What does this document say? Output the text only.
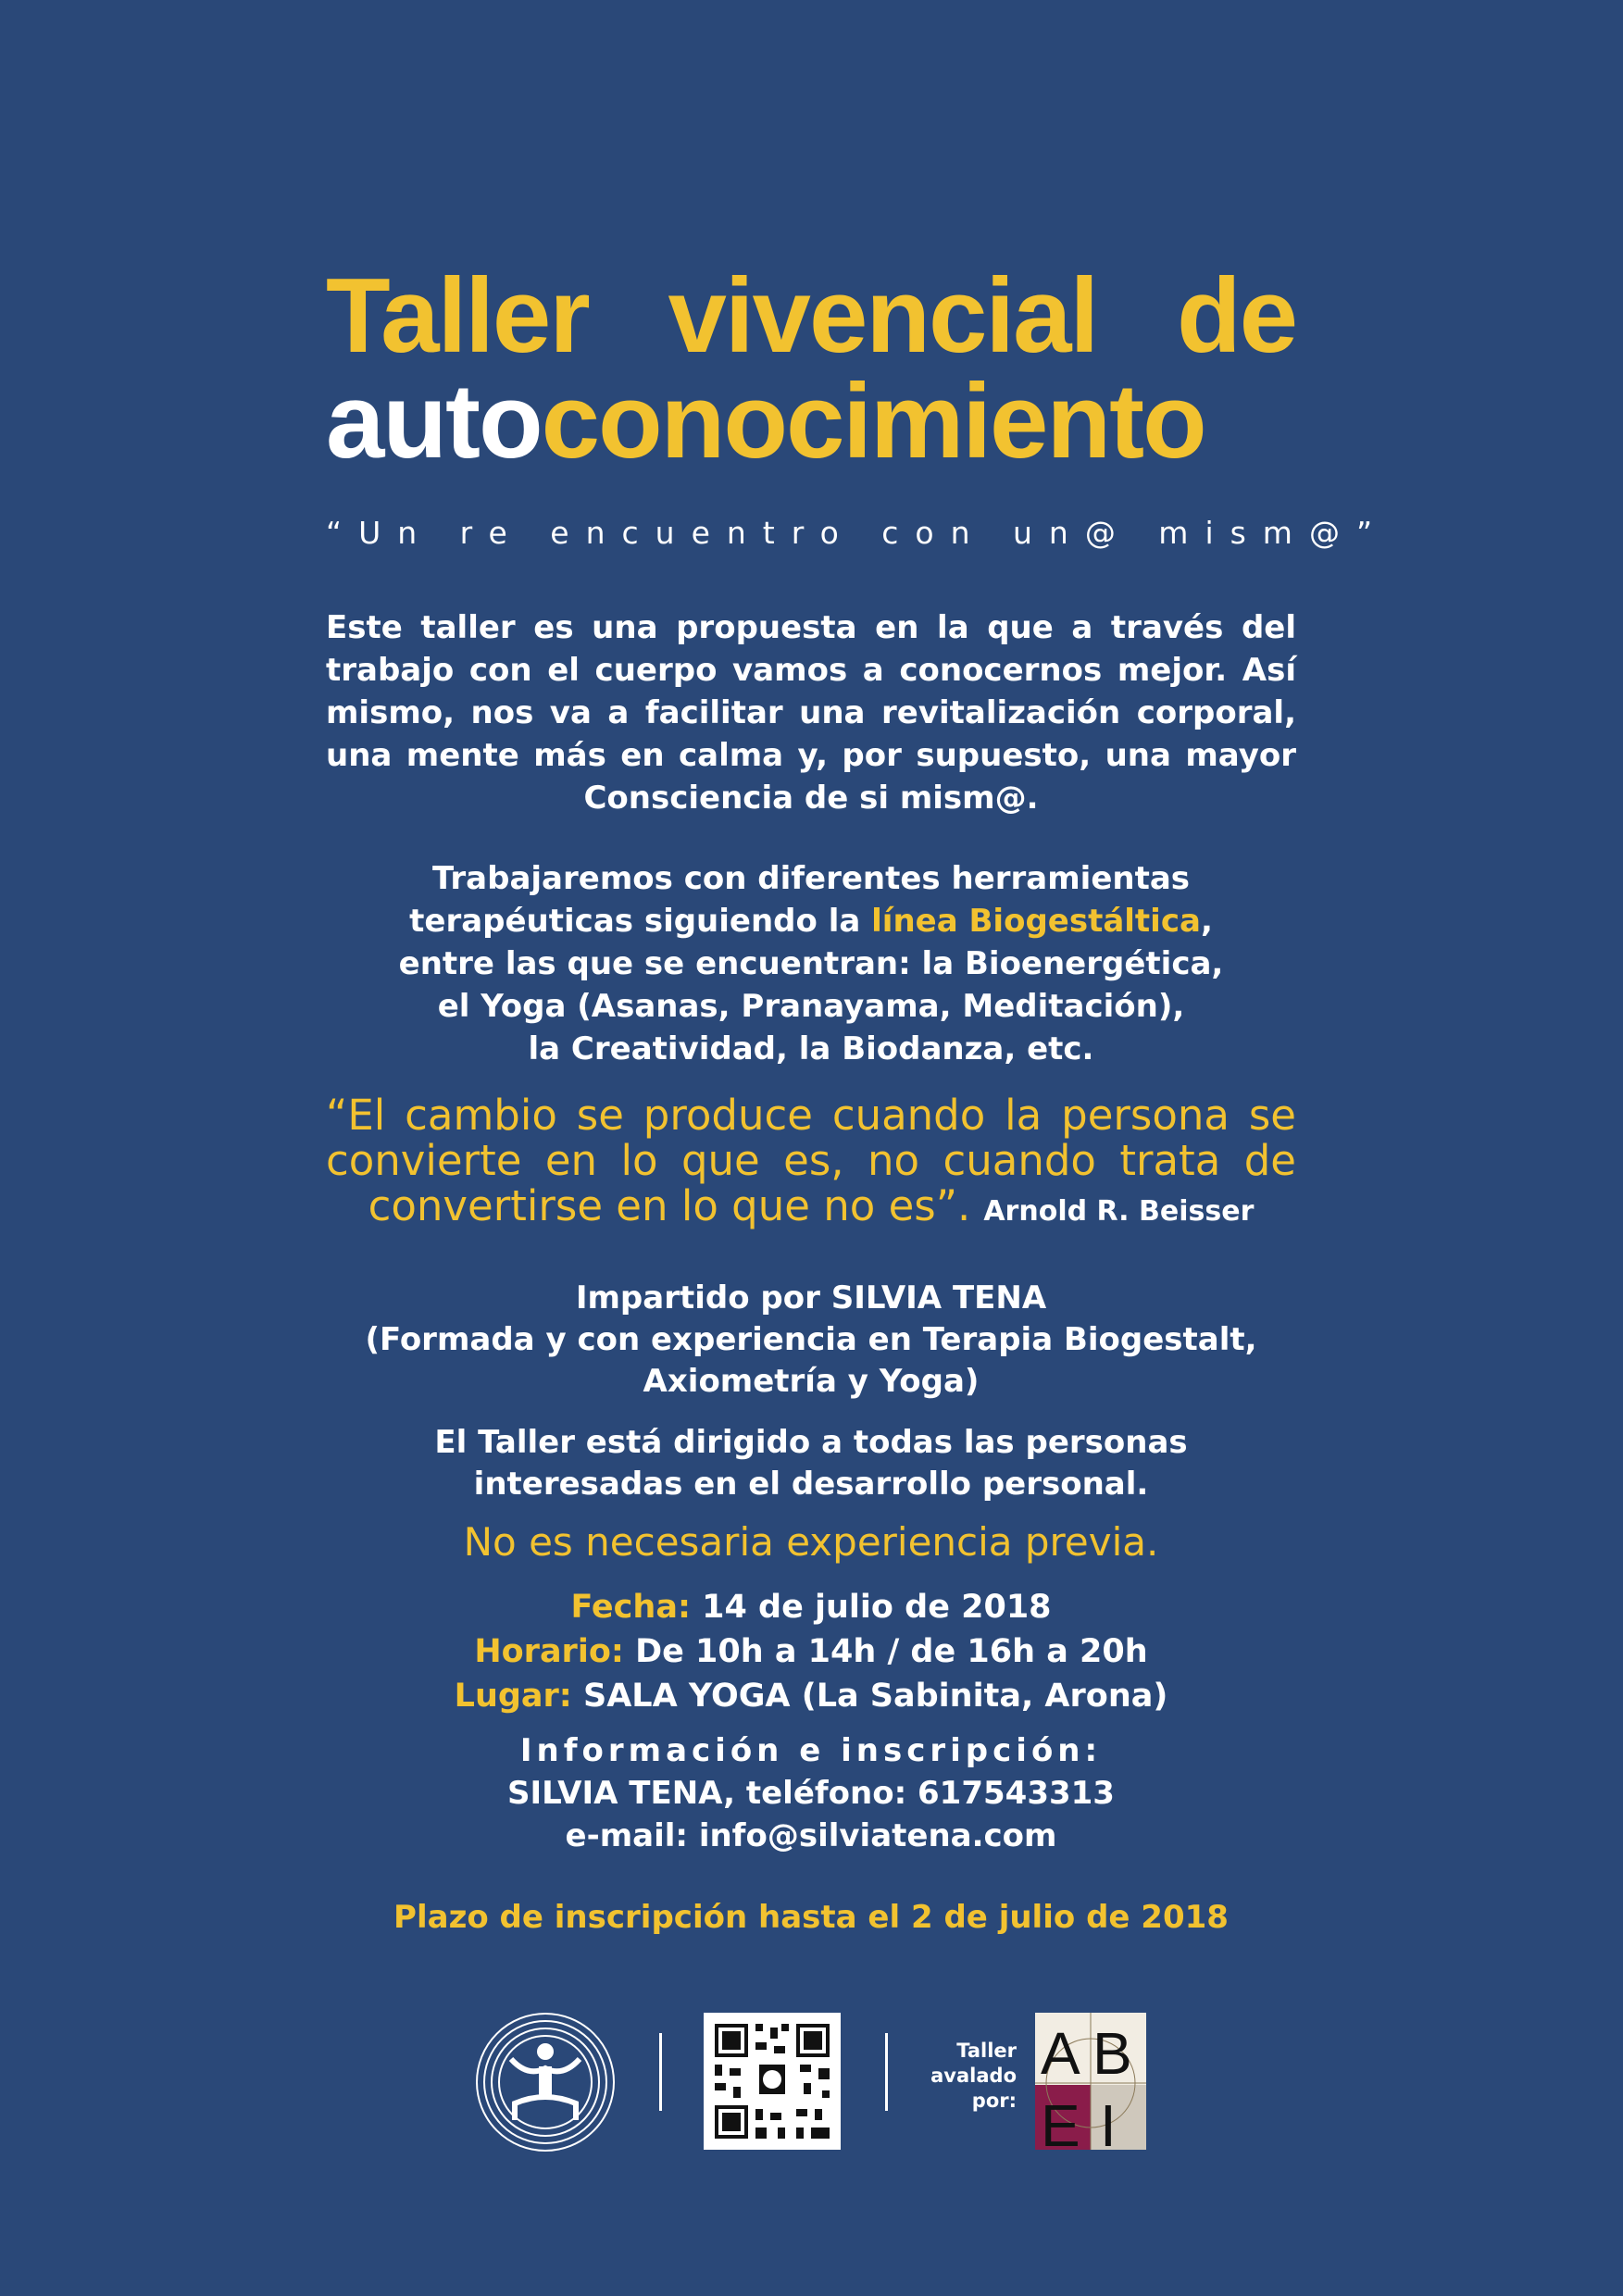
Taller vivencial de
autoconocimiento
“Un re encuentro con un@ mism@”
Este taller es una propuesta en la que a través del trabajo con el cuerpo vamos a conocernos mejor. Así mismo, nos va a facilitar una revitalización corporal, una mente más en calma y, por supuesto, una mayor Consciencia de si mism@.
Trabajaremos con diferentes herramientas
terapéuticas siguiendo la línea Biogestáltica,
entre las que se encuentran: la Bioenergética,
el Yoga (Asanas, Pranayama, Meditación),
la Creatividad, la Biodanza, etc.
“El cambio se produce cuando la persona se convierte en lo que es, no cuando trata de
convertirse en lo que no es”. Arnold R. Beisser
Impartido por SILVIA TENA
(Formada y con experiencia en Terapia Biogestalt,
Axiometría y Yoga)
El Taller está dirigido a todas las personas
interesadas en el desarrollo personal.
No es necesaria experiencia previa.
Fecha: 14 de julio de 2018
Horario: De 10h a 14h / de 16h a 20h
Lugar: SALA YOGA (La Sabinita, Arona)
Información e inscripción:
SILVIA TENA, teléfono: 617543313
e-mail: info@silviatena.com
Plazo de inscripción hasta el 2 de julio de 2018
Taller
avalado
por:
A B
E I
